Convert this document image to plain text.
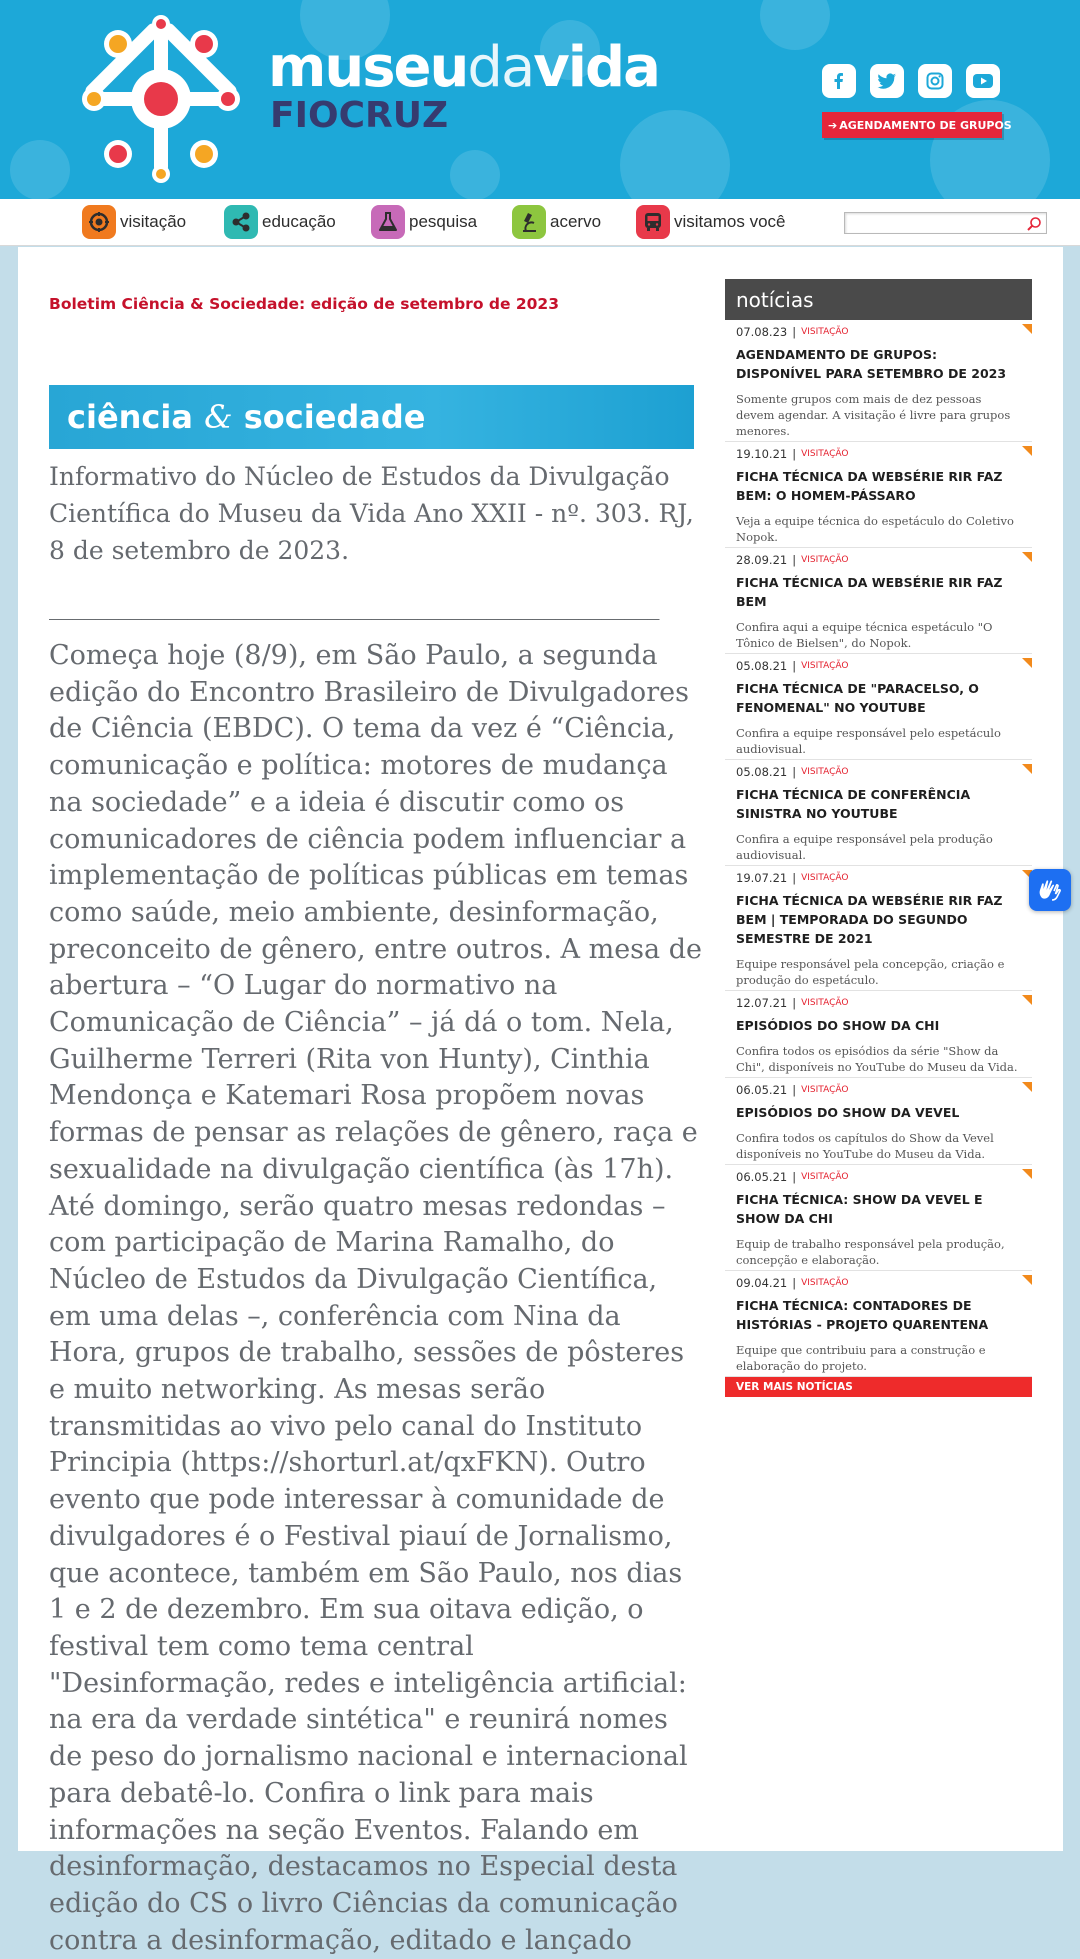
museudavida
FIOCRUZ	➔ AGENDAMENTO DE GRUPOS
visitação	educação	pesquisa	acervo	visitamos você
Boletim Ciência & Sociedade: edição de setembro de 2023
ciência & sociedade

Informativo do Núcleo de Estudos da Divulgação Científica do Museu da Vida Ano XXII - nº. 303. RJ, 8 de setembro de 2023.

_____________________________________________________

Começa hoje (8/9), em São Paulo, a segunda edição do Encontro Brasileiro de Divulgadores de Ciência (EBDC). O tema da vez é “Ciência, comunicação e política: motores de mudança na sociedade” e a ideia é discutir como os comunicadores de ciência podem influenciar a implementação de políticas públicas em temas como saúde, meio ambiente, desinformação, preconceito de gênero, entre outros. A mesa de abertura – “O Lugar do normativo na Comunicação de Ciência” – já dá o tom. Nela, Guilherme Terreri (Rita von Hunty), Cinthia Mendonça e Katemari Rosa propõem novas formas de pensar as relações de gênero, raça e sexualidade na divulgação científica (às 17h). Até domingo, serão quatro mesas redondas – com participação de Marina Ramalho, do Núcleo de Estudos da Divulgação Científica, em uma delas –, conferência com Nina da Hora, grupos de trabalho, sessões de pôsteres e muito networking. As mesas serão transmitidas ao vivo pelo canal do Instituto Principia (https://shorturl.at/qxFKN). Outro evento que pode interessar à comunidade de divulgadores é o Festival piauí de Jornalismo, que acontece, também em São Paulo, nos dias 1 e 2 de dezembro. Em sua oitava edição, o festival tem como tema central "Desinformação, redes e inteligência artificial: na era da verdade sintética" e reunirá nomes de peso do jornalismo nacional e internacional para debatê-lo. Confira o link para mais informações na seção Eventos. Falando em desinformação, destacamos no Especial desta edição do CS o livro Ciências da comunicação contra a desinformação, editado e lançado

notícias
07.08.23 | VISITAÇÃO
AGENDAMENTO DE GRUPOS: DISPONÍVEL PARA SETEMBRO DE 2023
Somente grupos com mais de dez pessoas devem agendar. A visitação é livre para grupos menores.
19.10.21 | VISITAÇÃO
FICHA TÉCNICA DA WEBSÉRIE RIR FAZ BEM: O HOMEM-PÁSSARO
Veja a equipe técnica do espetáculo do Coletivo Nopok.
28.09.21 | VISITAÇÃO
FICHA TÉCNICA DA WEBSÉRIE RIR FAZ BEM
Confira aqui a equipe técnica espetáculo "O Tônico de Bielsen", do Nopok.
05.08.21 | VISITAÇÃO
FICHA TÉCNICA DE "PARACELSO, O FENOMENAL" NO YOUTUBE
Confira a equipe responsável pelo espetáculo audiovisual.
05.08.21 | VISITAÇÃO
FICHA TÉCNICA DE CONFERÊNCIA SINISTRA NO YOUTUBE
Confira a equipe responsável pela produção audiovisual.
19.07.21 | VISITAÇÃO
FICHA TÉCNICA DA WEBSÉRIE RIR FAZ BEM | TEMPORADA DO SEGUNDO SEMESTRE DE 2021
Equipe responsável pela concepção, criação e produção do espetáculo.
12.07.21 | VISITAÇÃO
EPISÓDIOS DO SHOW DA CHI
Confira todos os episódios da série "Show da Chi", disponíveis no YouTube do Museu da Vida.
06.05.21 | VISITAÇÃO
EPISÓDIOS DO SHOW DA VEVEL
Confira todos os capítulos do Show da Vevel disponíveis no YouTube do Museu da Vida.
06.05.21 | VISITAÇÃO
FICHA TÉCNICA: SHOW DA VEVEL E SHOW DA CHI
Equip de trabalho responsável pela produção, concepção e elaboração.
09.04.21 | VISITAÇÃO
FICHA TÉCNICA: CONTADORES DE HISTÓRIAS - PROJETO QUARENTENA
Equipe que contribuiu para a construção e elaboração do projeto.
VER MAIS NOTÍCIAS
